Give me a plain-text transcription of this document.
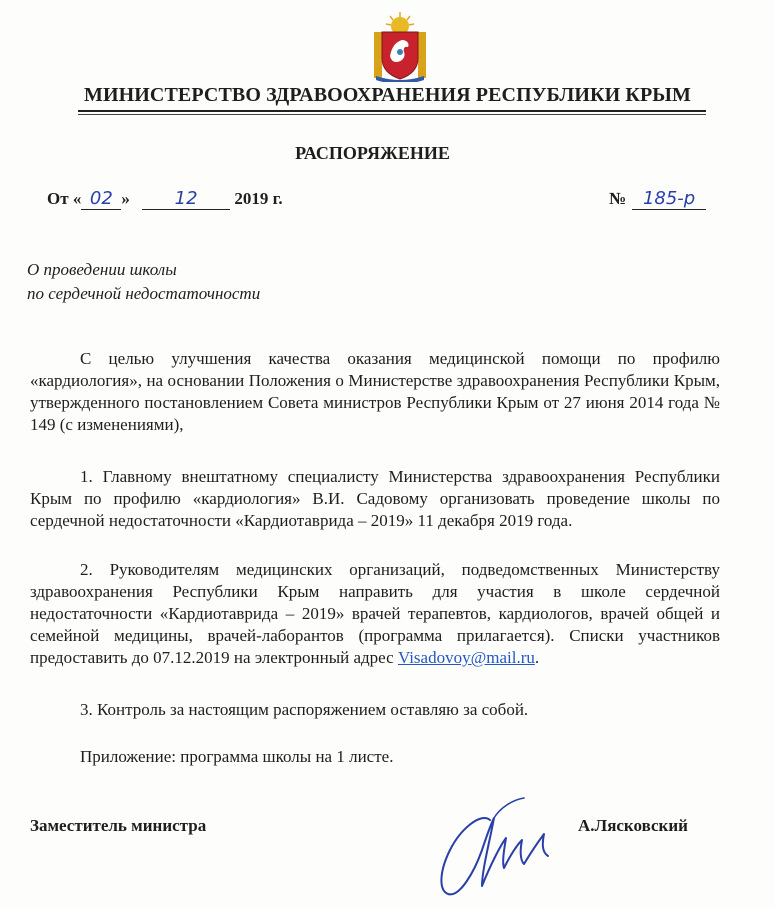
МИНИСТЕРСТВО ЗДРАВООХРАНЕНИЯ РЕСПУБЛИКИ КРЫМ
РАСПОРЯЖЕНИЕ
От « 02 » 12 2019 г.	№ 185-р
О проведении школы
по сердечной недостаточности
С целью улучшения качества оказания медицинской помощи по профилю «кардиология», на основании Положения о Министерстве здравоохранения Республики Крым, утвержденного постановлением Совета министров Республики Крым от 27 июня 2014 года № 149 (с изменениями),
1. Главному внештатному специалисту Министерства здравоохранения Республики Крым по профилю «кардиология» В.И. Садовому организовать проведение школы по сердечной недостаточности «Кардиотаврида – 2019» 11 декабря 2019 года.
2. Руководителям медицинских организаций, подведомственных Министерству здравоохранения Республики Крым направить для участия в школе сердечной недостаточности «Кардиотаврида – 2019» врачей терапевтов, кардиологов, врачей общей и семейной медицины, врачей-лаборантов (программа прилагается). Списки участников предоставить до 07.12.2019 на электронный адрес Visadovoy@mail.ru.
3. Контроль за настоящим распоряжением оставляю за собой.
Приложение: программа школы на 1 листе.
Заместитель министра	А.Лясковский
